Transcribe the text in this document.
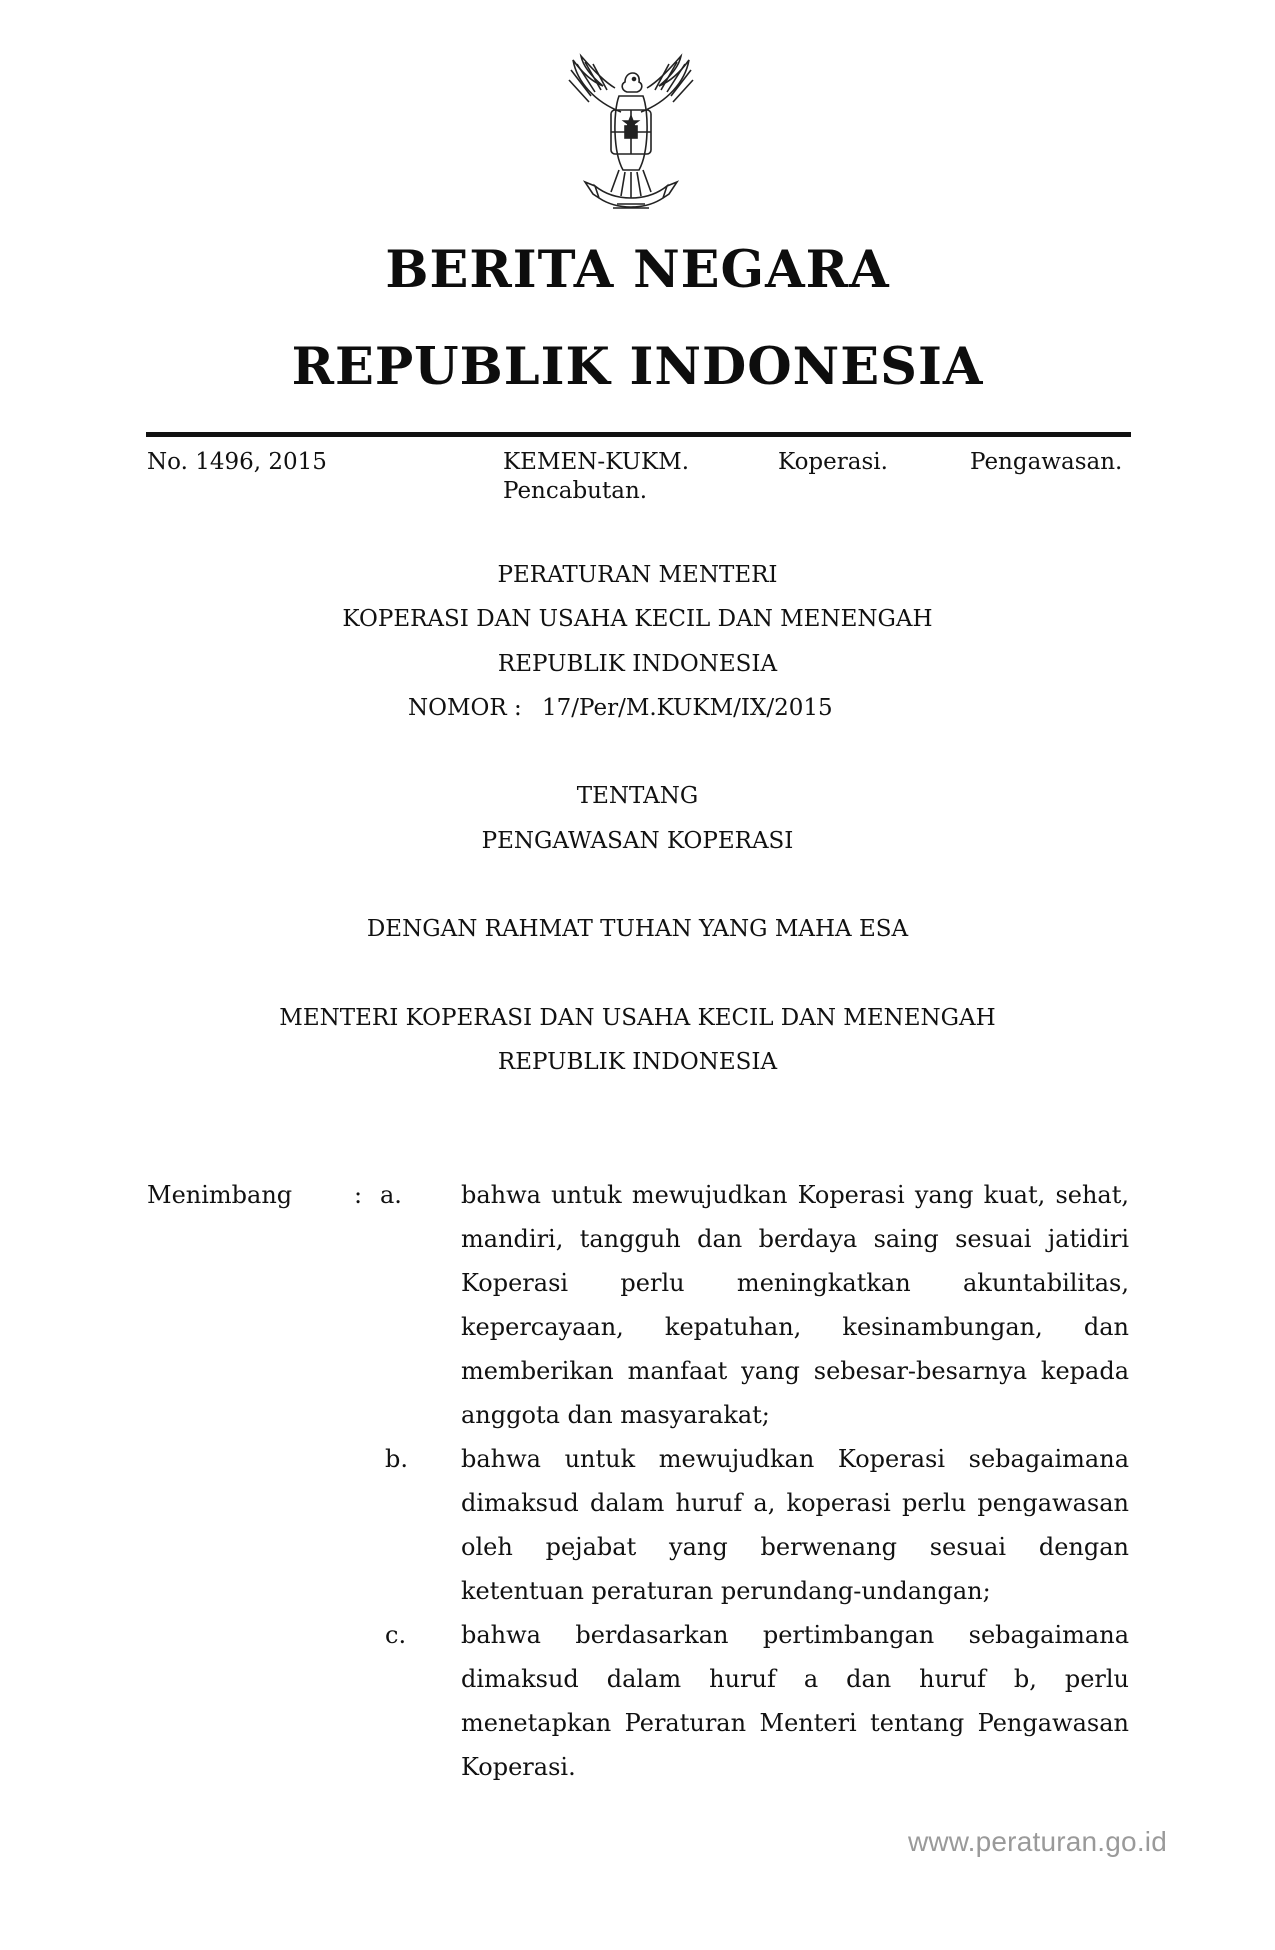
BERITA NEGARA
REPUBLIK INDONESIA
No. 1496, 2015	KEMEN-KUKM.	Koperasi.	Pengawasan.
Pencabutan.
PERATURAN MENTERI
KOPERASI DAN USAHA KECIL DAN MENENGAH
REPUBLIK INDONESIA
NOMOR : 17/Per/M.KUKM/IX/2015
TENTANG
PENGAWASAN KOPERASI
DENGAN RAHMAT TUHAN YANG MAHA ESA
MENTERI KOPERASI DAN USAHA KECIL DAN MENENGAH
REPUBLIK INDONESIA
Menimbang	: a. bahwa untuk mewujudkan Koperasi yang kuat, sehat,
mandiri, tangguh dan berdaya saing sesuai jatidiri
Koperasi perlu meningkatkan akuntabilitas,
kepercayaan, kepatuhan, kesinambungan, dan
memberikan manfaat yang sebesar-besarnya kepada
anggota dan masyarakat;
b. bahwa untuk mewujudkan Koperasi sebagaimana
dimaksud dalam huruf a, koperasi perlu pengawasan
oleh pejabat yang berwenang sesuai dengan
ketentuan peraturan perundang-undangan;
c. bahwa berdasarkan pertimbangan sebagaimana
dimaksud dalam huruf a dan huruf b, perlu
menetapkan Peraturan Menteri tentang Pengawasan
Koperasi.
www.peraturan.go.id
